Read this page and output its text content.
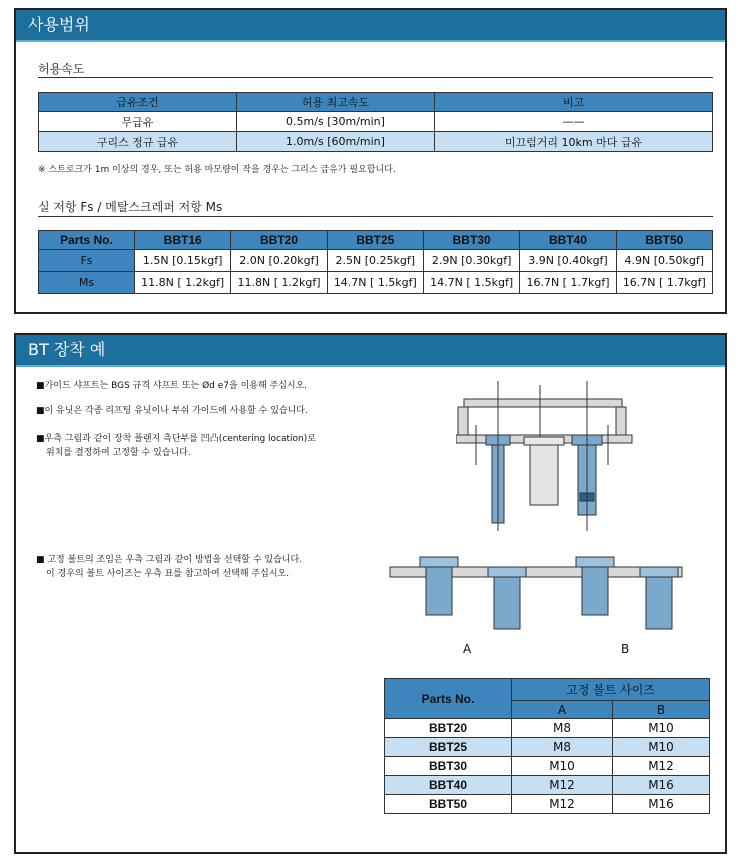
사용범위
허용속도
급유조건	허용 최고속도	비고
무급유	0.5m/s [30m/min]	——
구리스 정규 급유	1.0m/s [60m/min]	미끄럼거리 10km 마다 급유
※ 스트로크가 1m 이상의 경우, 또는 허용 마모량이 작을 경우는 그리스 급유가 필요합니다.
실 저항 Fs / 메탈스크레퍼 저항 Ms
Parts No.	BBT16	BBT20	BBT25	BBT30	BBT40	BBT50
Fs	1.5N [0.15kgf]	2.0N [0.20kgf]	2.5N [0.25kgf]	2.9N [0.30kgf]	3.9N [0.40kgf]	4.9N [0.50kgf]
Ms	11.8N [ 1.2kgf]	11.8N [ 1.2kgf]	14.7N [ 1.5kgf]	14.7N [ 1.5kgf]	16.7N [ 1.7kgf]	16.7N [ 1.7kgf]
BT 장착 예
■가이드 샤프트는 BGS 규격 샤프트 또는 Ød e7을 이용해 주십시오.
■이 유닛은 각종 리프팅 유닛이나 부쉬 가이드에 사용할 수 있습니다.
■우측 그림과 같이 장착 플랜지 측단부를 凹凸(centering location)로
위치를 결정하여 고정할 수 있습니다.
■ 고정 볼트의 조임은 우측 그림과 같이 방법을 선택할 수 있습니다.
이 경우의 볼트 사이즈는 우측 표를 참고하여 선택해 주십시오.
A	B
Parts No.	고정 볼트 사이즈	
	A	B
BBT20	M8	M10
BBT25	M8	M10
BBT30	M10	M12
BBT40	M12	M16
BBT50	M12	M16
